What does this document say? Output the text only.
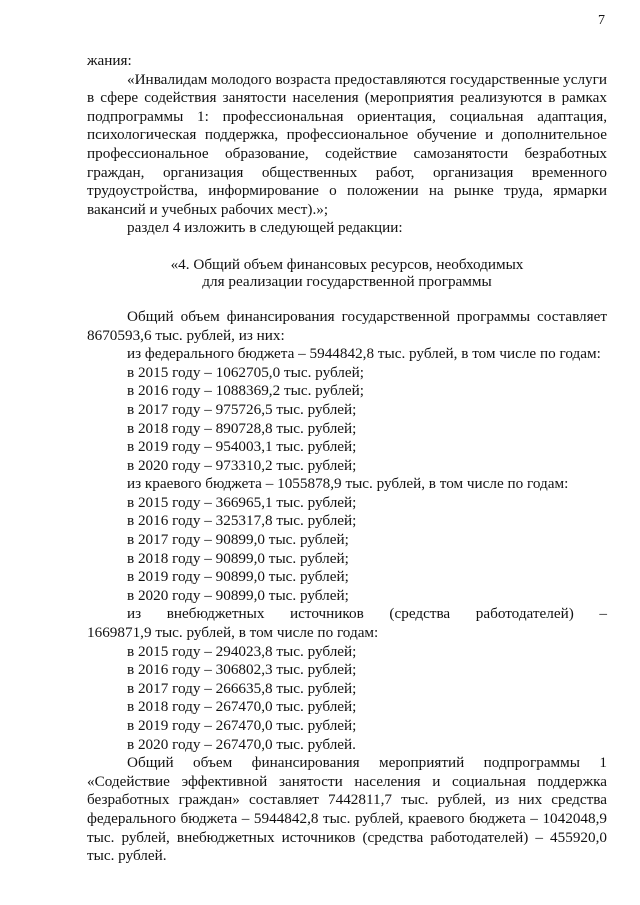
7

жания:

«Инвалидам молодого возраста предоставляются государственные услуги в сфере содействия занятости населения (мероприятия реализуются в рамках подпрограммы 1: профессиональная ориентация, социальная адаптация, психологическая поддержка, профессиональное обучение и дополнительное профессиональное образование, содействие самозанятости безработных граждан, организация общественных работ, организация временного трудоустройства, информирование о положении на рынке труда, ярмарки вакансий и учебных рабочих мест).»;

раздел 4 изложить в следующей редакции:

«4. Общий объем финансовых ресурсов, необходимых
для реализации государственной программы

Общий объем финансирования государственной программы составляет 8670593,6 тыс. рублей, из них:

из федерального бюджета – 5944842,8 тыс. рублей, в том числе по годам:

в 2015 году – 1062705,0 тыс. рублей;

в 2016 году – 1088369,2 тыс. рублей;

в 2017 году – 975726,5 тыс. рублей;

в 2018 году – 890728,8 тыс. рублей;

в 2019 году – 954003,1 тыс. рублей;

в 2020 году – 973310,2 тыс. рублей;

из краевого бюджета – 1055878,9 тыс. рублей, в том числе по годам:

в 2015 году – 366965,1 тыс. рублей;

в 2016 году – 325317,8 тыс. рублей;

в 2017 году – 90899,0 тыс. рублей;

в 2018 году – 90899,0 тыс. рублей;

в 2019 году – 90899,0 тыс. рублей;

в 2020 году – 90899,0 тыс. рублей;

из внебюджетных источников (средства работодателей) –

1669871,9 тыс. рублей, в том числе по годам:

в 2015 году – 294023,8 тыс. рублей;

в 2016 году – 306802,3 тыс. рублей;

в 2017 году – 266635,8 тыс. рублей;

в 2018 году – 267470,0 тыс. рублей;

в 2019 году – 267470,0 тыс. рублей;

в 2020 году – 267470,0 тыс. рублей.

Общий объем финансирования мероприятий подпрограммы 1 «Содействие эффективной занятости населения и социальная поддержка безработных граждан» составляет 7442811,7 тыс. рублей, из них средства федерального бюджета – 5944842,8 тыс. рублей, краевого бюджета – 1042048,9 тыс. рублей, внебюджетных источников (средства работодателей) – 455920,0 тыс. рублей.
